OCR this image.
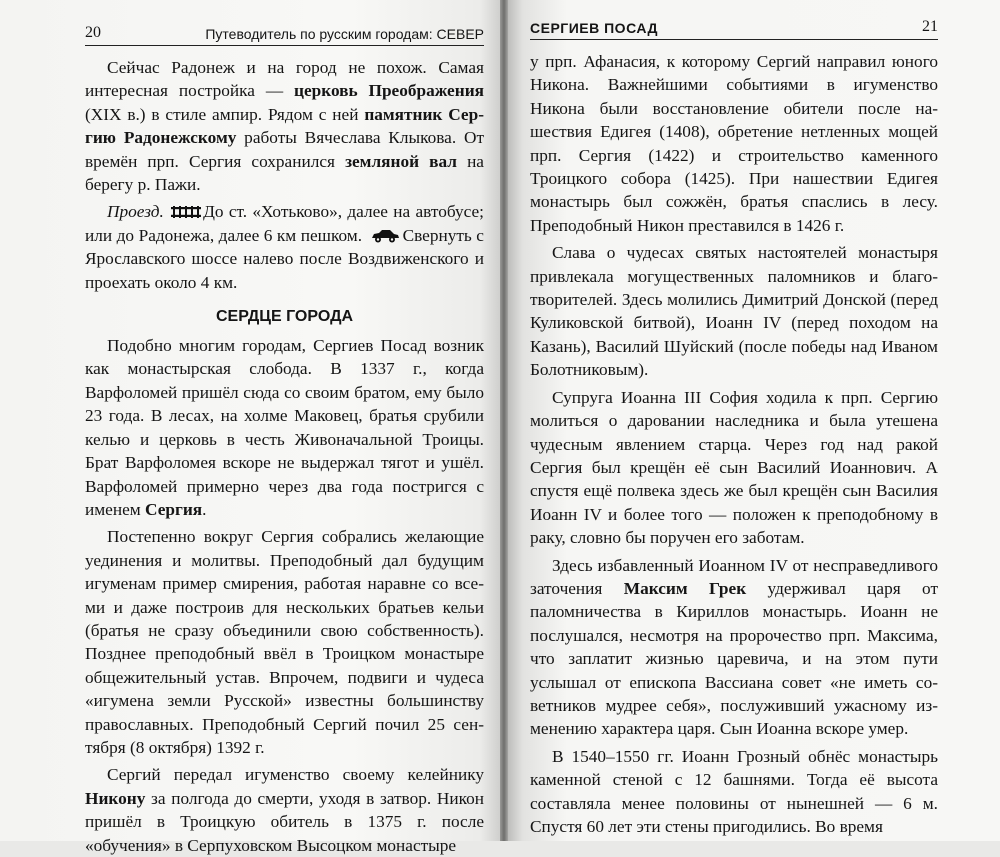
20	Путеводитель по русским городам: СЕВЕР

Сейчас Радонеж и на город не похож. Самая интересная постройка — церковь Преображения (XIX в.) в стиле ампир. Рядом с ней памятник Сергию Радонежскому работы Вячеслава Клыкова. От времён прп. Сергия сохранился земляной вал на берегу р. Пажи.

Проезд. До ст. «Хотьково», далее на автобусе; или до Радонежа, далее 6 км пешком. Свернуть с Ярославского шоссе налево после Воздвиженского и проехать около 4 км.

СЕРДЦЕ ГОРОДА

Подобно многим городам, Сергиев Посад возник как монастырская слобода. В 1337 г., когда Варфоломей пришёл сюда со своим братом, ему было 23 года. В лесах, на холме Маковец, братья срубили келью и церковь в честь Живоначальной Троицы. Брат Варфоломея вскоре не выдержал тягот и ушёл. Варфоломей примерно через два года постригся с именем Сергия.

Постепенно вокруг Сергия собрались желающие уединения и молитвы. Преподобный дал будущим игуменам пример смирения, работая наравне со всеми и даже построив для нескольких братьев кельи (братья не сразу объединили свою собственность). Позднее преподобный ввёл в Троицком монастыре общежительный устав. Впрочем, подвиги и чудеса «игумена земли Русской» известны большинству православных. Преподобный Сергий почил 25 сентября (8 октября) 1392 г.

Сергий передал игуменство своему келейнику Никону за полгода до смерти, уходя в затвор. Никон пришёл в Троицкую обитель в 1375 г. после «обучения» в Серпуховском Высоцком монастыре

СЕРГИЕВ ПОСАД	21

у прп. Афанасия, к которому Сергий направил юного Никона. Важнейшими событиями в игуменство Никона были восстановление обители после нашествия Едигея (1408), обретение нетленных мощей прп. Сергия (1422) и строительство каменного Троицкого собора (1425). При нашествии Едигея монастырь был сожжён, братья спаслись в лесу. Преподобный Никон преставился в 1426 г.

Слава о чудесах святых настоятелей монастыря привлекала могущественных паломников и благотворителей. Здесь молились Димитрий Донской (перед Куликовской битвой), Иоанн IV (перед походом на Казань), Василий Шуйский (после победы над Иваном Болотниковым).

Супруга Иоанна III София ходила к прп. Сергию молиться о даровании наследника и была утешена чудесным явлением старца. Через год над ракой Сергия был крещён её сын Василий Иоаннович. А спустя ещё полвека здесь же был крещён сын Василия Иоанн IV и более того — положен к преподобному в раку, словно бы поручен его заботам.

Здесь избавленный Иоанном IV от несправедливого заточения Максим Грек удерживал царя от паломничества в Кириллов монастырь. Иоанн не послушался, несмотря на пророчество прп. Максима, что заплатит жизнью царевича, и на этом пути услышал от епископа Вассиана совет «не иметь советников мудрее себя», послуживший ужасному изменению характера царя. Сын Иоанна вскоре умер.

В 1540–1550 гг. Иоанн Грозный обнёс монастырь каменной стеной с 12 башнями. Тогда её высота составляла менее половины от нынешней — 6 м. Спустя 60 лет эти стены пригодились. Во время
